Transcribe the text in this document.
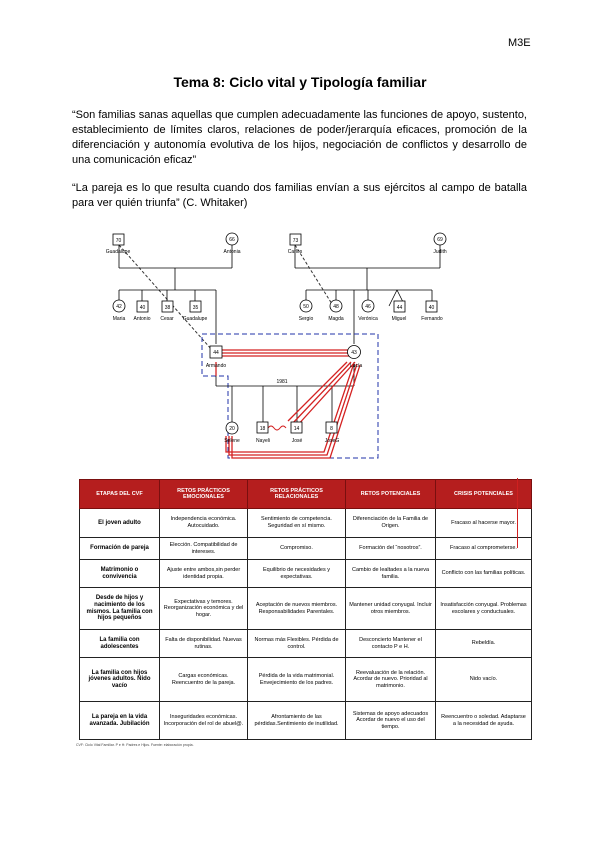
M3E
Tema 8: Ciclo vital y Tipología familiar
“Son familias sanas aquellas que cumplen adecuadamente las funciones de apoyo, sustento, establecimiento de límites claros, relaciones de poder/jerarquía eficaces, promoción de la diferenciación y autonomía evolutiva de los hijos, negociación de conflictos y desarrollo de una comunicación eficaz”
“La pareja es lo que resulta cuando dos familias envían a sus ejércitos al campo de batalla para ver quién triunfa” (C. Whitaker)
1981
70
Guadalupe
66
Antonia
73
Carlos
69
Judith
42
Maria
40
Antonio
38
Cesar
35
Guadalupe
50
Sergio
48
Magda
46
Verónica
44
Miguel
40
Fernando
44
Armando
43
Lucía
20
Selene
18
Nayeli
14
José
8
JoseG
ETAPAS DEL CVF	RETOS PRÁCTICOS EMOCIONALES	RETOS PRÁCTICOS RELACIONALES	RETOS POTENCIALES	CRISIS POTENCIALES
El joven adulto	Independencia económica. Autocuidado.	Sentimiento de competencia. Seguridad en sí mismo.	Diferenciación de la Familia de Origen.	Fracaso al hacerse mayor.
Formación de pareja	Elección. Compatibilidad de intereses.	Compromiso.	Formación del “nosotros”.	Fracaso al comprometerse.
Matrimonio o convivencia	Ajuste entre ambos,sin perder identidad propia.	Equilibrio de necesidades y expectativas.	Cambio de lealtades a la nueva familia.	Conflicto con las familias políticas.
Desde de hijos y nacimiento de los mismos. La familia con hijos pequeños	Expectativas y temores. Reorganización económica y del hogar.	Aceptación de nuevos miembros. Responsabilidades Parentales.	Mantener unidad conyugal. Incluir otros miembros.	Insatisfacción conyugal. Problemas escolares y conductuales.
La familia con adolescentes	Falta de disponibilidad. Nuevas rutinas.	Normas más Flexibles. Pérdida de control.	Desconcierto Mantener el contacto P e H.	Rebeldía.
La familia con hijos jóvenes adultos. Nido vacío	Cargas económicas. Reencuentro de la pareja.	Pérdida de la vida matrimonial. Envejecimiento de los padres.	Reevaluación de la relación. Acordar de nuevo. Prioridad al matrimonio.	Nido vacío.
La pareja en la vida avanzada. Jubilación	Inseguridades económicas. Incorporación del rol de abuel@.	Afrontamiento de las pérdidas.Sentimiento de inutilidad.	Sistemas de apoyo adecuados Acordar de nuevo el uso del tiempo.	Reencuentro o soledad. Adaptarse a la necesidad de ayuda.
CVF: Ciclo Vital Familiar. P e H: Padres e Hijos. Fuente: elaboración propia.
